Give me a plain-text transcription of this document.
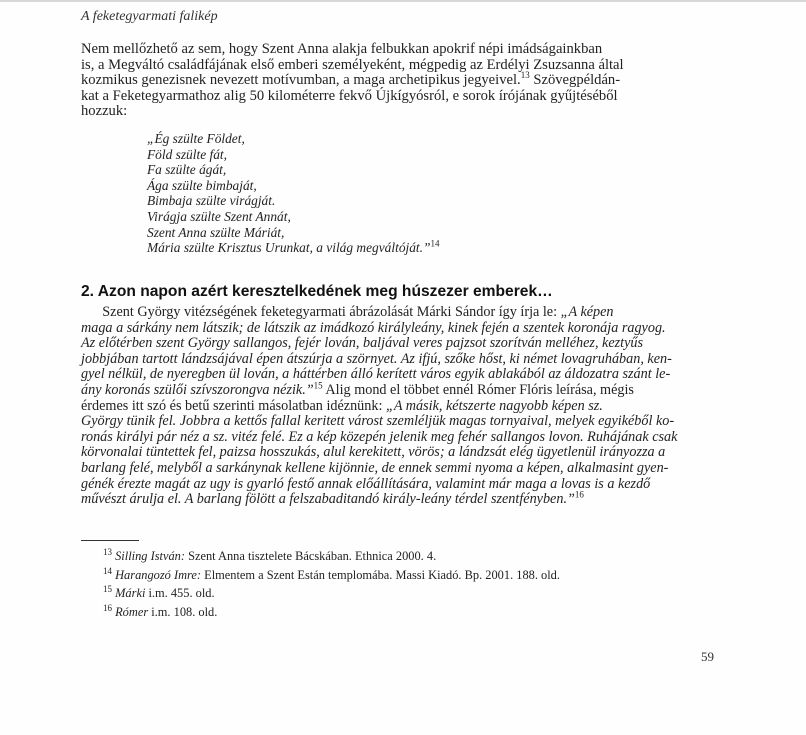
A feketegyarmati falikép

Nem mellőzhető az sem, hogy Szent Anna alakja felbukkan apokrif népi imádságainkban
is, a Megváltó családfájának első emberi személyeként, mégpedig az Erdélyi Zsuzsanna által
kozmikus genezisnek nevezett motívumban, a maga archetipikus jegyeivel.$^{13}$ Szövegpéldán-
kat a Feketegyarmathoz alig 50 kilométerre fekvő Újkígyósról, e sorok írójának gyűjtéséből
hozzuk:

„Ég szülte Földet,
Föld szülte fát,
Fa szülte ágát,
Ága szülte bimbaját,
Bimbaja szülte virágját.
Virágja szülte Szent Annát,
Szent Anna szülte Máriát,
Mária szülte Krisztus Urunkat, a világ megváltóját.”$^{14}$

2. Azon napon azért keresztelkedének meg húszezer emberek…

  Szent György vitézségének feketegyarmati ábrázolását Márki Sándor így írja le: „A képen
maga a sárkány nem látszik; de látszik az imádkozó királyleány, kinek fején a szentek koronája ragyog.
Az előtérben szent György sallangos, fejér lován, baljával veres pajzsot szorítván melléhez, keztyűs
jobbjában tartott lándzsájával épen átszúrja a szörnyet. Az ifjú, szőke hőst, ki német lovagruhában, ken-
gyel nélkül, de nyeregben ül lován, a háttérben álló kerített város egyik ablakából az áldozatra szánt le-
ány koronás szülői szívszorongva nézik.”$^{15}$ Alig mond el többet ennél Rómer Flóris leírása, mégis
érdemes itt szó és betű szerinti másolatban idéznünk: „A másik, kétszerte nagyobb képen sz.
György tünik fel. Jobbra a kettős fallal keritett várost szemléljük magas tornyaival, melyek egyikéből ko-
ronás királyi pár néz a sz. vitéz felé. Ez a kép közepén jelenik meg fehér sallangos lovon. Ruhájának csak
körvonalai tüntettek fel, paizsa hosszukás, alul kerekitett, vörös; a lándzsát elég ügyetlenül irányozza a
barlang felé, melyből a sarkánynak kellene kijönnie, de ennek semmi nyoma a képen, alkalmasint gyen-
génék érezte magát az ugy is gyarló festő annak előállítására, valamint már maga a lovas is a kezdő
művészt árulja el. A barlang fölött a felszabaditandó király-leány térdel szentfényben.”$^{16}$

$^{13}$ Silling István: Szent Anna tisztelete Bácskában. Ethnica 2000. 4.
$^{14}$ Harangozó Imre: Elmentem a Szent Están templomába. Massi Kiadó. Bp. 2001. 188. old.
$^{15}$ Márki i.m. 455. old.
$^{16}$ Rómer i.m. 108. old.
59
